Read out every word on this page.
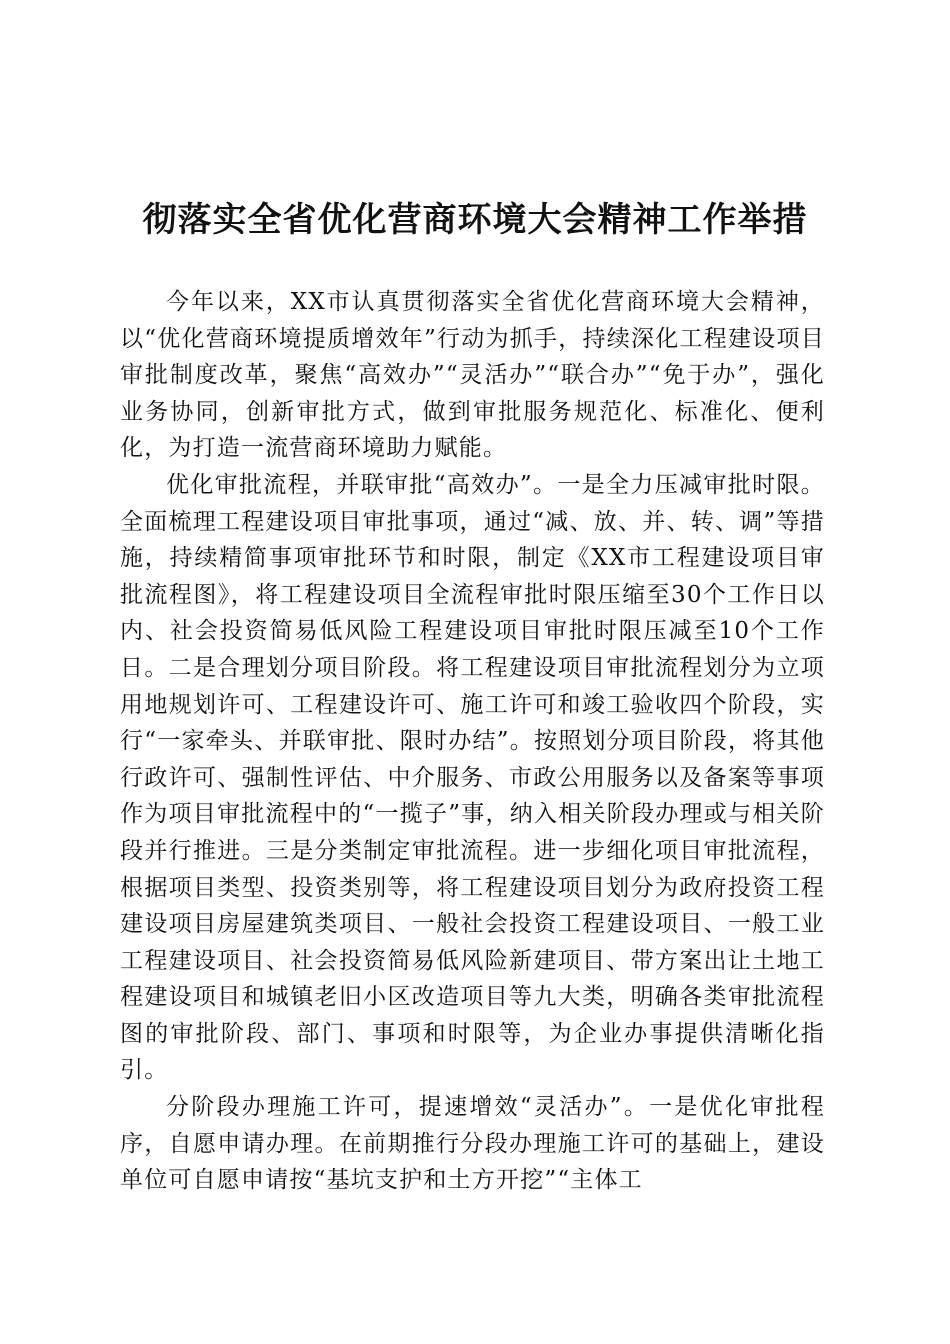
彻落实全省优化营商环境大会精神工作举措

今年以来，XX市认真贯彻落实全省优化营商环境大会精神，以“优化营商环境提质增效年”行动为抓手，持续深化工程建设项目审批制度改革，聚焦“高效办”“灵活办”“联合办”“免于办”，强化业务协同，创新审批方式，做到审批服务规范化、标准化、便利化，为打造一流营商环境助力赋能。

优化审批流程，并联审批“高效办”。一是全力压减审批时限。全面梳理工程建设项目审批事项，通过“减、放、并、转、调”等措施，持续精简事项审批环节和时限，制定《XX市工程建设项目审批流程图》，将工程建设项目全流程审批时限压缩至30个工作日以内、社会投资简易低风险工程建设项目审批时限压减至10个工作日。二是合理划分项目阶段。将工程建设项目审批流程划分为立项用地规划许可、工程建设许可、施工许可和竣工验收四个阶段，实行“一家牵头、并联审批、限时办结”。按照划分项目阶段，将其他行政许可、强制性评估、中介服务、市政公用服务以及备案等事项作为项目审批流程中的“一揽子”事，纳入相关阶段办理或与相关阶段并行推进。三是分类制定审批流程。进一步细化项目审批流程，根据项目类型、投资类别等，将工程建设项目划分为政府投资工程建设项目房屋建筑类项目、一般社会投资工程建设项目、一般工业工程建设项目、社会投资简易低风险新建项目、带方案出让土地工程建设项目和城镇老旧小区改造项目等九大类，明确各类审批流程图的审批阶段、部门、事项和时限等，为企业办事提供清晰化指引。

分阶段办理施工许可，提速增效“灵活办”。一是优化审批程序，自愿申请办理。在前期推行分段办理施工许可的基础上，建设单位可自愿申请按“基坑支护和土方开挖”“主体工
